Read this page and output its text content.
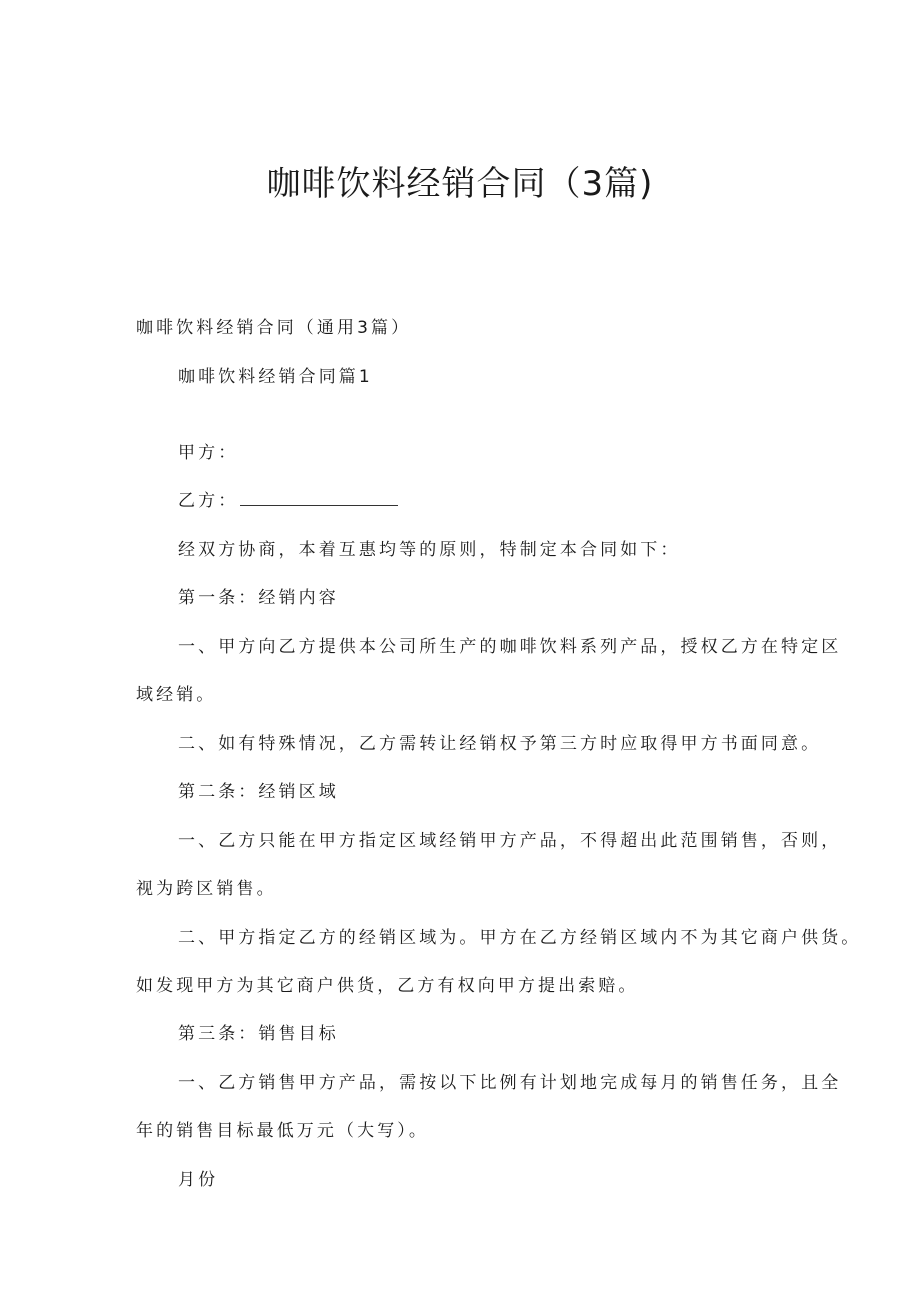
咖啡饮料经销合同（3篇)
咖啡饮料经销合同（通用3篇）
咖啡饮料经销合同篇1
甲方：
乙方：
经双方协商，本着互惠均等的原则，特制定本合同如下：
第一条：经销内容
一、甲方向乙方提供本公司所生产的咖啡饮料系列产品，授权乙方在特定区
域经销。
二、如有特殊情况，乙方需转让经销权予第三方时应取得甲方书面同意。
第二条：经销区域
一、乙方只能在甲方指定区域经销甲方产品，不得超出此范围销售，否则，
视为跨区销售。
二、甲方指定乙方的经销区域为。甲方在乙方经销区域内不为其它商户供货。
如发现甲方为其它商户供货，乙方有权向甲方提出索赔。
第三条：销售目标
一、乙方销售甲方产品，需按以下比例有计划地完成每月的销售任务，且全
年的销售目标最低万元（大写）。
月份
